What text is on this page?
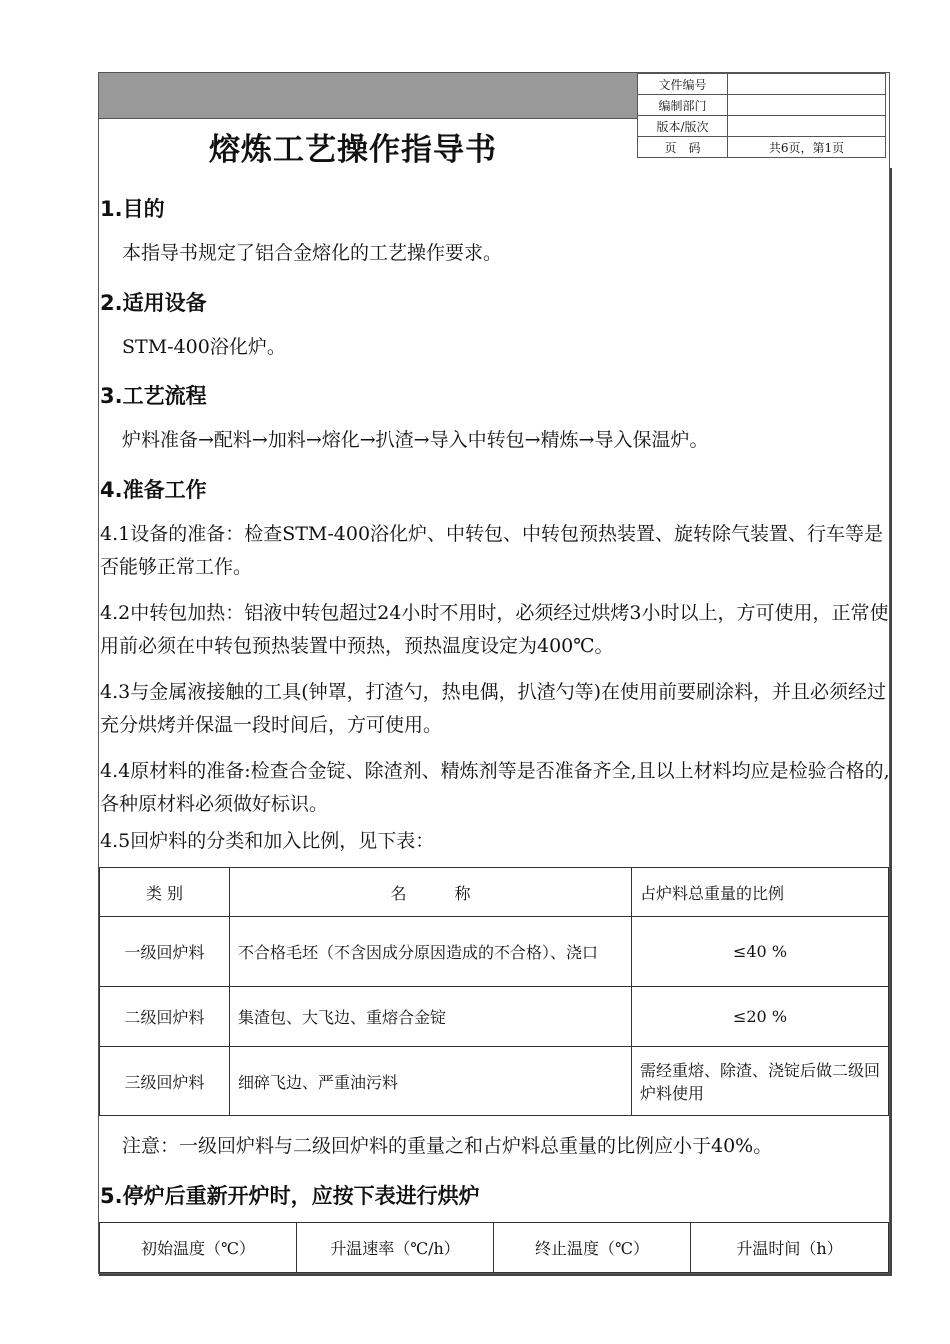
熔炼工艺操作指导书
文件编号	
编制部门	
版本/版次	
页　码	共6页，第1页
1.目的
本指导书规定了铝合金熔化的工艺操作要求。
2.适用设备
STM-400浴化炉。
3.工艺流程
炉料准备→配料→加料→熔化→扒渣→导入中转包→精炼→导入保温炉。
4.准备工作
4.1设备的准备：检查STM-400浴化炉、中转包、中转包预热装置、旋转除气装置、行车等是否能够正常工作。
4.2中转包加热：铝液中转包超过24小时不用时，必须经过烘烤3小时以上，方可使用，正常使用前必须在中转包预热装置中预热，预热温度设定为400℃。
4.3与金属液接触的工具(钟罩，打渣勺，热电偶，扒渣勺等)在使用前要刷涂料，并且必须经过充分烘烤并保温一段时间后，方可使用。
4.4原材料的准备:检查合金锭、除渣剂、精炼剂等是否准备齐全,且以上材料均应是检验合格的,各种原材料必须做好标识。
4.5回炉料的分类和加入比例，见下表：
类 别	名　　　称	占炉料总重量的比例
一级回炉料	不合格毛坯（不含因成分原因造成的不合格）、浇口	≤40 %
二级回炉料	集渣包、大飞边、重熔合金锭	≤20 %
三级回炉料	细碎飞边、严重油污料	需经重熔、除渣、浇锭后做二级回炉料使用
注意：一级回炉料与二级回炉料的重量之和占炉料总重量的比例应小于40%。
5.停炉后重新开炉时，应按下表进行烘炉
初始温度（℃）	升温速率（℃/h）	终止温度（℃）	升温时间（h）
